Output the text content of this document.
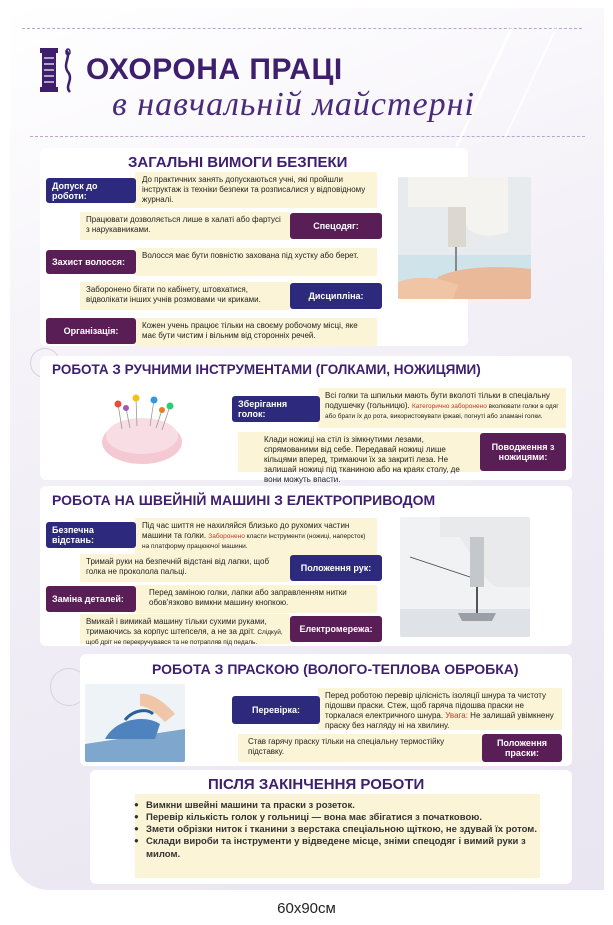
ОХОРОНА ПРАЦІ
в навчальній майстерні
ЗАГАЛЬНІ ВИМОГИ БЕЗПЕКИ
До практичних занять допускаються учні, які пройшли інструктаж із техніки безпеки та розписалися у відповідному журналі.
Допуск до роботи:
Працювати дозволяється лише в халаті або фартусі з нарукавниками.	Спецодяг:
Волосся має бути повністю захована під хустку або берет.
Захист волосся:
Заборонено бігати по кабінету, штовхатися, відволікати інших учнів розмовами чи криками.	Дисципліна:
Кожен учень працює тільки на своєму робочому місці, яке має бути чистим і вільним від сторонніх речей.
Організація:
РОБОТА З РУЧНИМИ ІНСТРУМЕНТАМИ (ГОЛКАМИ, НОЖИЦЯМИ)
Всі голки та шпильки мають бути вколоті тільки в спеціальну подушечку (гольницю). Категорично заборонено вколювати голки в одяг або брати їх до рота, використовувати іржаві, погнуті або зламані голки.
Зберігання голок:
Клади ножиці на стіл із зімкнутими лезами, спрямованими від себе. Передавай ножиці лише кільцями вперед, тримаючи їх за закриті леза. Не залишай ножиці під тканиною або на краях столу, де вони можуть впасти.
Поводження з ножицями:
РОБОТА НА ШВЕЙНІЙ МАШИНІ З ЕЛЕКТРОПРИВОДОМ
Під час шиття не нахиляйся близько до рухомих частин машини та голки. Заборонено класти інструменти (ножиці, наперсток) на платформу працюючої машини.
Безпечна відстань:
Тримай руки на безпечній відстані від лапки, щоб голка не проколола пальці.	Положення рук:
Перед заміною голки, лапки або заправленням нитки обов'язково вимкни машину кнопкою.
Заміна деталей:
Вмикай і вимикай машину тільки сухими руками, тримаючись за корпус штепселя, а не за дріт. Слідкуй, щоб дріт не перекручувався та не потрапляв під педаль.
Електромережа:
РОБОТА З ПРАСКОЮ (ВОЛОГО-ТЕПЛОВА ОБРОБКА)
Перед роботою перевір цілісність ізоляції шнура та чистоту підошви праски. Стеж, щоб гаряча підошва праски не торкалася електричного шнура. Увага: Не залишай увімкнену праску без нагляду ні на хвилину.
Перевірка:
Став гарячу праску тільки на спеціальну термостійку підставку.
Положення праски:
ПІСЛЯ ЗАКІНЧЕННЯ РОБОТИ
● Вимкни швейні машини та праски з розеток.
● Перевір кількість голок у гольниці — вона має збігатися з початковою.
● Змети обрізки ниток і тканини з верстака спеціальною щіткою, не здувай їх ротом.
● Склади вироби та інструменти у відведене місце, зніми спецодяг і вимий руки з милом.
60х90см
